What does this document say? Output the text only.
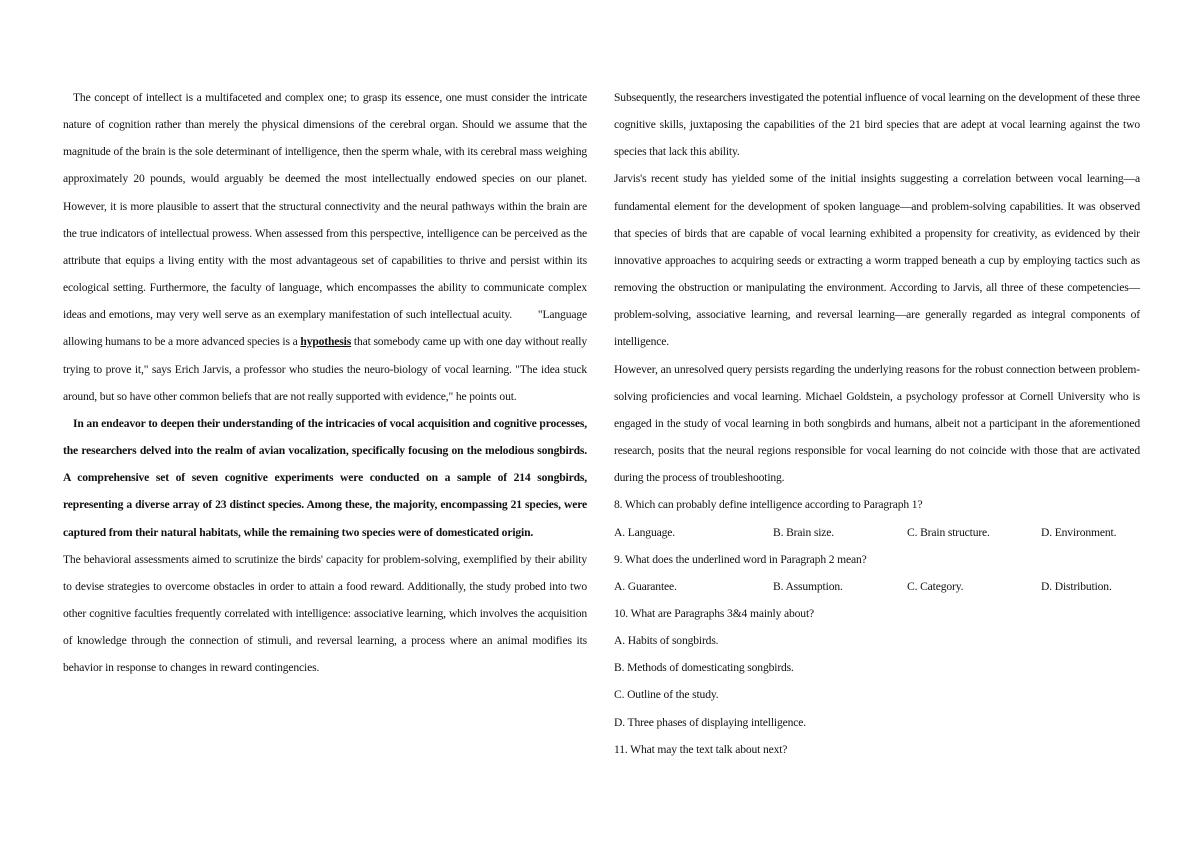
The concept of intellect is a multifaceted and complex one; to grasp its essence, one must consider the intricate nature of cognition rather than merely the physical dimensions of the cerebral organ. Should we assume that the magnitude of the brain is the sole determinant of intelligence, then the sperm whale, with its cerebral mass weighing approximately 20 pounds, would arguably be deemed the most intellectually endowed species on our planet. However, it is more plausible to assert that the structural connectivity and the neural pathways within the brain are the true indicators of intellectual prowess. When assessed from this perspective, intelligence can be perceived as the attribute that equips a living entity with the most advantageous set of capabilities to thrive and persist within its ecological setting. Furthermore, the faculty of language, which encompasses the ability to communicate complex ideas and emotions, may very well serve as an exemplary manifestation of such intellectual acuity. "Language allowing humans to be a more advanced species is a hypothesis that somebody came up with one day without really trying to prove it," says Erich Jarvis, a professor who studies the neuro-biology of vocal learning. "The idea stuck around, but so have other common beliefs that are not really supported with evidence," he points out.

In an endeavor to deepen their understanding of the intricacies of vocal acquisition and cognitive processes, the researchers delved into the realm of avian vocalization, specifically focusing on the melodious songbirds. A comprehensive set of seven cognitive experiments were conducted on a sample of 214 songbirds, representing a diverse array of 23 distinct species. Among these, the majority, encompassing 21 species, were captured from their natural habitats, while the remaining two species were of domesticated origin.

The behavioral assessments aimed to scrutinize the birds' capacity for problem-solving, exemplified by their ability to devise strategies to overcome obstacles in order to attain a food reward. Additionally, the study probed into two other cognitive faculties frequently correlated with intelligence: associative learning, which involves the acquisition of knowledge through the connection of stimuli, and reversal learning, a process where an animal modifies its behavior in response to changes in reward contingencies.

Subsequently, the researchers investigated the potential influence of vocal learning on the development of these three cognitive skills, juxtaposing the capabilities of the 21 bird species that are adept at vocal learning against the two species that lack this ability.

Jarvis's recent study has yielded some of the initial insights suggesting a correlation between vocal learning—a fundamental element for the development of spoken language—and problem-solving capabilities. It was observed that species of birds that are capable of vocal learning exhibited a propensity for creativity, as evidenced by their innovative approaches to acquiring seeds or extracting a worm trapped beneath a cup by employing tactics such as removing the obstruction or manipulating the environment. According to Jarvis, all three of these competencies—problem-solving, associative learning, and reversal learning—are generally regarded as integral components of intelligence.

However, an unresolved query persists regarding the underlying reasons for the robust connection between problem-solving proficiencies and vocal learning. Michael Goldstein, a psychology professor at Cornell University who is engaged in the study of vocal learning in both songbirds and humans, albeit not a participant in the aforementioned research, posits that the neural regions responsible for vocal learning do not coincide with those that are activated during the process of troubleshooting.

8. Which can probably define intelligence according to Paragraph 1?

A. Language.	B. Brain size.	C. Brain structure.	D. Environment.

9. What does the underlined word in Paragraph 2 mean?

A. Guarantee.	B. Assumption.	C. Category.	D. Distribution.

10. What are Paragraphs 3&4 mainly about?

A. Habits of songbirds.

B. Methods of domesticating songbirds.

C. Outline of the study.

D. Three phases of displaying intelligence.

11. What may the text talk about next?
